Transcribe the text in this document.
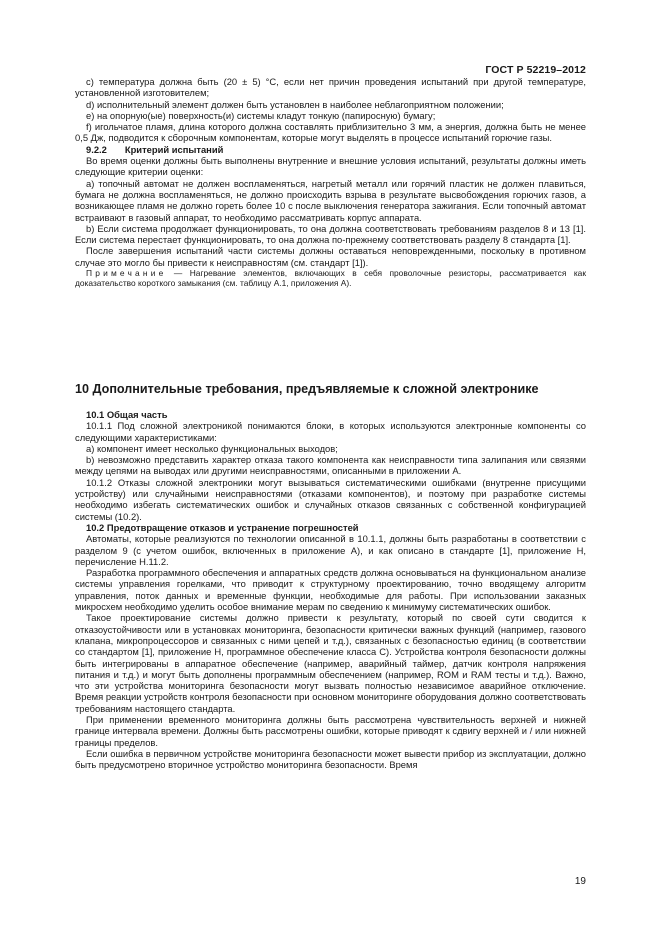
ГОСТ Р 52219–2012

c) температура должна быть (20 ± 5) °C, если нет причин проведения испытаний при другой температуре, установленной изготовителем;

d) исполнительный элемент должен быть установлен в наиболее неблагоприятном положении;

e) на опорную(ые) поверхность(и) системы кладут тонкую (папиросную) бумагу;

f) игольчатое пламя, длина которого должна составлять приблизительно 3 мм, а энергия, должна быть не менее 0,5 Дж, подводится к сборочным компонентам, которые могут выделять в процессе испытаний горючие газы.

9.2.2 Критерий испытаний

Во время оценки должны быть выполнены внутренние и внешние условия испытаний, результаты должны иметь следующие критерии оценки:

a) топочный автомат не должен воспламеняться, нагретый металл или горячий пластик не должен плавиться, бумага не должна воспламеняться, не должно происходить взрыва в результате высвобождения горючих газов, а возникающее пламя не должно гореть более 10 с после выключения генератора зажигания. Если топочный автомат встраивают в газовый аппарат, то необходимо рассматривать корпус аппарата.

b) Если система продолжает функционировать, то она должна соответствовать требованиям разделов 8 и 13 [1]. Если система перестает функционировать, то она должна по-прежнему соответствовать разделу 8 стандарта [1].

После завершения испытаний части системы должны оставаться неповрежденными, поскольку в противном случае это могло бы привести к неисправностям (см. стандарт [1]).

Примечание — Нагревание элементов, включающих в себя проволочные резисторы, рассматривается как доказательство короткого замыкания (см. таблицу А.1, приложения А).

10 Дополнительные требования, предъявляемые к сложной электронике

10.1 Общая часть

10.1.1 Под сложной электроникой понимаются блоки, в которых используются электронные компоненты со следующими характеристиками:

a) компонент имеет несколько функциональных выходов;

b) невозможно представить характер отказа такого компонента как неисправности типа залипания или связями между цепями на выводах или другими неисправностями, описанными в приложении А.

10.1.2 Отказы сложной электроники могут вызываться систематическими ошибками (внутренне присущими устройству) или случайными неисправностями (отказами компонентов), и поэтому при разработке системы необходимо избегать систематических ошибок и случайных отказов связанных с собственной конфигурацией системы (10.2).

10.2 Предотвращение отказов и устранение погрешностей

Автоматы, которые реализуются по технологии описанной в 10.1.1, должны быть разработаны в соответствии с разделом 9 (с учетом ошибок, включенных в приложение А), и как описано в стандарте [1], приложение Н, перечисление Н.11.2.

Разработка программного обеспечения и аппаратных средств должна основываться на функциональном анализе системы управления горелками, что приводит к структурному проектированию, точно вводящему алгоритм управления, поток данных и временные функции, необходимые для работы. При использовании заказных микросхем необходимо уделить особое внимание мерам по сведению к минимуму систематических ошибок.

Такое проектирование системы должно привести к результату, который по своей сути сводится к отказоустойчивости или в установках мониторинга, безопасности критически важных функций (например, газового клапана, микропроцессоров и связанных с ними цепей и т.д.), связанных с безопасностью единиц (в соответствии со стандартом [1], приложение Н, программное обеспечение класса С). Устройства контроля безопасности должны быть интегрированы в аппаратное обеспечение (например, аварийный таймер, датчик контроля напряжения питания и т.д.) и могут быть дополнены программным обеспечением (например, ROM и RAM тесты и т.д.). Важно, что эти устройства мониторинга безопасности могут вызвать полностью независимое аварийное отключение. Время реакции устройств контроля безопасности при основном мониторинге оборудования должно соответствовать требованиям настоящего стандарта.

При применении временного мониторинга должны быть рассмотрена чувствительность верхней и нижней границе интервала времени. Должны быть рассмотрены ошибки, которые приводят к сдвигу верхней и / или нижней границы пределов.

Если ошибка в первичном устройстве мониторинга безопасности может вывести прибор из эксплуатации, должно быть предусмотрено вторичное устройство мониторинга безопасности. Время

19
